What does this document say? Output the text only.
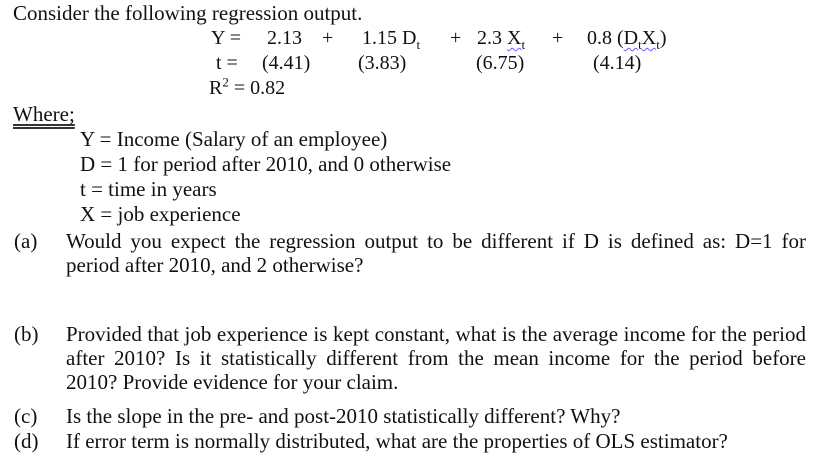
Consider the following regression output.
Y = 2.13 + 1.15 $D_t + 2.3$ $X_t + 0.8$ $(D_tX_t)$
t = (4.41) (3.83)	(6.75)	(4.14)
$R^2 = 0.82$
Where;
Y = Income (Salary of an employee)
D = 1 for period after 2010, and 0 otherwise
t = time in years
X = job experience
(a) Would you expect the regression output to be different if D is defined as: D=1 for period after 2010, and 2 otherwise?
(b) Provided that job experience is kept constant, what is the average income for the period after 2010? Is it statistically different from the mean income for the period before 2010? Provide evidence for your claim.
(c) Is the slope in the pre- and post-2010 statistically different? Why?
(d) If error term is normally distributed, what are the properties of OLS estimator?
